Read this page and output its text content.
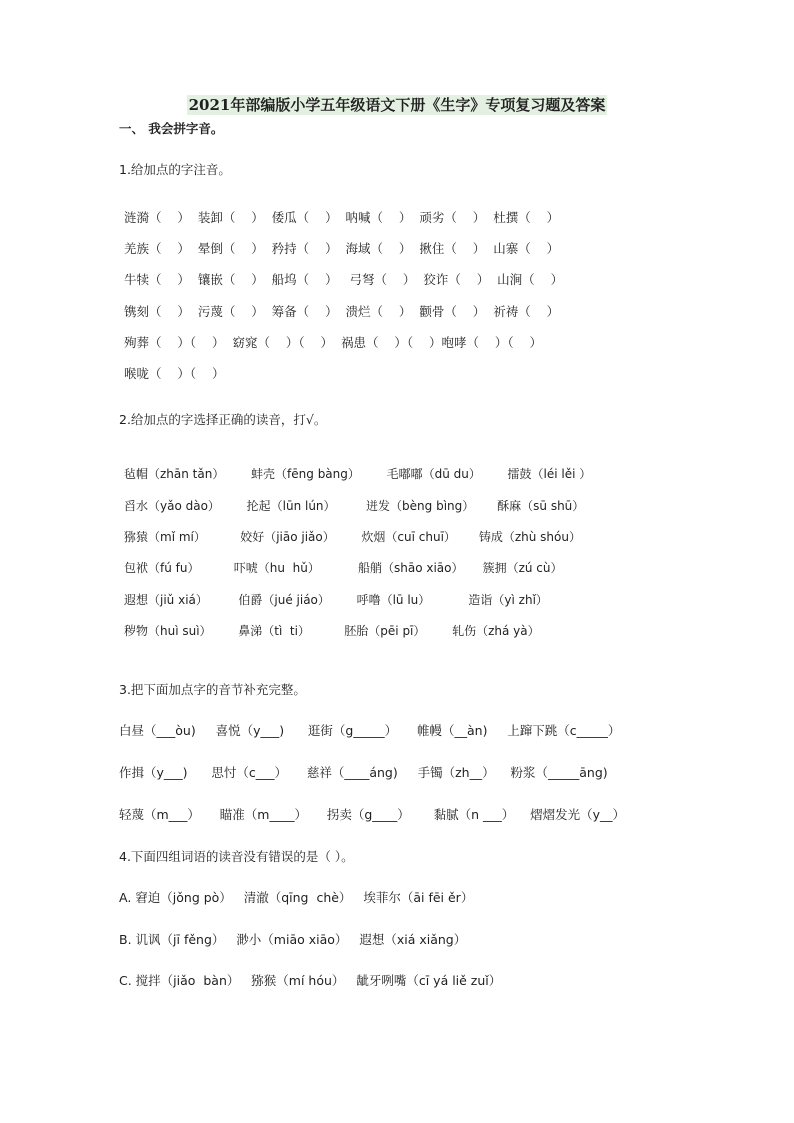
2021年部编版小学五年级语文下册《生字》专项复习题及答案
一、 我会拼字音。
1.给加点的字注音。
涟漪（    ）  装卸（    ）  倭瓜（    ）  呐喊（    ）  顽劣（    ）  杜撰（    ）
羌族（    ）  晕倒（    ）  矜持（    ）  海域（    ）  揪住（    ）  山寨（    ）
牛犊（    ）  镶嵌（    ）  船坞（    ）   弓弩（    ）  狡诈（    ）  山涧（    ）
镌刻（    ）  污蔑（    ）  筹备（    ）  溃烂（    ）  颧骨（    ）  祈祷（    ）
殉葬（    ）（    ）  窈窕（    ）（    ）  祸患（    ）（    ）咆哮（    ）（    ）
喉咙（    ）（    ）
2.给加点的字选择正确的读音，打√。
毡帽（zhān tǎn）       蚌壳（fēng bàng）       毛嘟嘟（dū du）       擂鼓（léi lěi ）
舀水（yǎo dào）       抡起（lūn lún）        迸发（bèng bìng）      酥麻（sū shū）
猕猿（mǐ mí）         姣好（jiāo jiǎo）       炊烟（cuī chuī）      铸成（zhù shóu）
包袱（fú fu）         吓唬（hu  hǔ）          船艄（shāo xiāo）     簇拥（zú cù）
遐想（jiǔ xiá）        伯爵（jué jiáo）       呼噜（lū lu）          造诣（yì zhǐ）
秽物（huì suì）       鼻涕（tì  ti）         胚胎（pēi pī）       轧伤（zhá yà）
3.把下面加点字的音节补充完整。
白昼（___òu)     喜悦（y___)      逛街（g_____）     帷幔（__àn)     上蹿下跳（c_____）
作揖（y___)      思忖（c___）     慈祥（____áng)     手镯（zh__）    粉浆（_____āng)
轻蔑（m___）     瞄准（m____）     拐卖（g____）      黏腻（n ___）    熠熠发光（y__）
4.下面四组词语的读音没有错误的是（ ）。
A. 窘迫（jǒng pò）   清澈（qīng  chè）   埃菲尔（āi fēi ěr）
B. 讥讽（jī fěng）   渺小（miāo xiāo）   遐想（xiá xiǎng）
C. 搅拌（jiǎo  bàn）   猕猴（mí hóu）   龇牙咧嘴（cī yá liě zuǐ）
